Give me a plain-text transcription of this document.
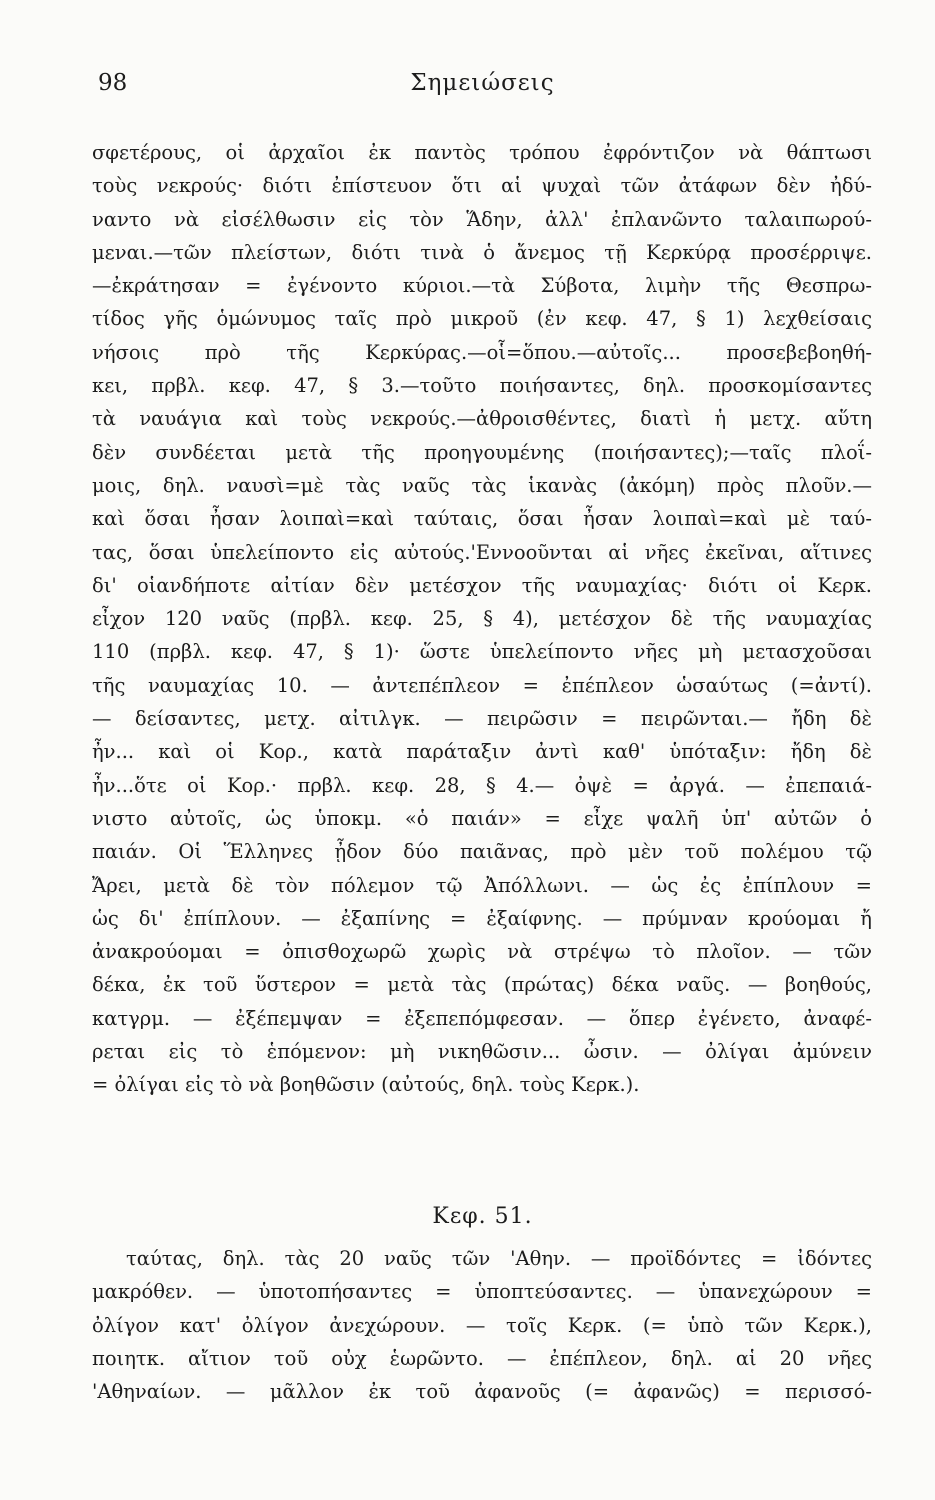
98	Σημειώσεις
σφετέρους, οἱ ἀρχαῖοι ἐκ παντὸς τρόπου ἐφρόντιζον νὰ θάπτωσι
τοὺς νεκρούς· διότι ἐπίστευον ὅτι αἱ ψυχαὶ τῶν ἀτάφων δὲν ἠδύ-
ναντο νὰ εἰσέλθωσιν εἰς τὸν Ἅδην, ἀλλ' ἐπλανῶντο ταλαιπωρού-
μεναι.—τῶν πλείστων, διότι τινὰ ὁ ἄνεμος τῇ Κερκύρᾳ προσέρριψε.
—ἐκράτησαν = ἐγένοντο κύριοι.—τὰ Σύβοτα, λιμὴν τῆς Θεσπρω-
τίδος γῆς ὁμώνυμος ταῖς πρὸ μικροῦ (ἐν κεφ. 47, § 1) λεχθείσαις
νήσοις πρὸ τῆς Κερκύρας.—οἷ=ὅπου.—αὐτοῖς... προσεβεβοηθή-
κει, πρβλ. κεφ. 47, § 3.—τοῦτο ποιήσαντες, δηλ. προσκομίσαντες
τὰ ναυάγια καὶ τοὺς νεκρούς.—ἀθροισθέντες, διατὶ ἡ μετχ. αὕτη
δὲν συνδέεται μετὰ τῆς προηγουμένης (ποιήσαντες);—ταῖς πλοΐ-
μοις, δηλ. ναυσὶ=μὲ τὰς ναῦς τὰς ἱκανὰς (ἀκόμη) πρὸς πλοῦν.—
καὶ ὅσαι ἦσαν λοιπαὶ=καὶ ταύταις, ὅσαι ἦσαν λοιπαὶ=καὶ μὲ ταύ-
τας, ὅσαι ὑπελείποντο εἰς αὐτούς.'Εννοοῦνται αἱ νῆες ἐκεῖναι, αἵτινες
δι' οἱανδήποτε αἰτίαν δὲν μετέσχον τῆς ναυμαχίας· διότι οἱ Κερκ.
εἶχον 120 ναῦς (πρβλ. κεφ. 25, § 4), μετέσχον δὲ τῆς ναυμαχίας
110 (πρβλ. κεφ. 47, § 1)· ὥστε ὑπελείποντο νῆες μὴ μετασχοῦσαι
τῆς ναυμαχίας 10. — ἀντεπέπλεον = ἐπέπλεον ὡσαύτως (=ἀντί).
— δείσαντες, μετχ. αἰτιλγκ. — πειρῶσιν = πειρῶνται.— ἤδη δὲ
ἦν... καὶ οἱ Κορ., κατὰ παράταξιν ἀντὶ καθ' ὑπόταξιν: ἤδη δὲ
ἦν...ὅτε οἱ Κορ.· πρβλ. κεφ. 28, § 4.— ὀψὲ = ἀργά. — ἐπεπαιά-
νιστο αὐτοῖς, ὡς ὑποκμ. «ὁ παιάν» = εἶχε ψαλῆ ὑπ' αὐτῶν ὁ
παιάν. Οἱ Ἕλληνες ᾖδον δύο παιᾶνας, πρὸ μὲν τοῦ πολέμου τῷ
Ἄρει, μετὰ δὲ τὸν πόλεμον τῷ Ἀπόλλωνι. — ὡς ἐς ἐπίπλουν =
ὡς δι' ἐπίπλουν. — ἐξαπίνης = ἐξαίφνης. — πρύμναν κρούομαι ἤ
ἀνακρούομαι = ὀπισθοχωρῶ χωρὶς νὰ στρέψω τὸ πλοῖον. — τῶν
δέκα, ἐκ τοῦ ὕστερον = μετὰ τὰς (πρώτας) δέκα ναῦς. — βοηθούς,
κατγρμ. — ἐξέπεμψαν = ἐξεπεπόμφεσαν. — ὅπερ ἐγένετο, ἀναφέ-
ρεται εἰς τὸ ἑπόμενον: μὴ νικηθῶσιν... ὦσιν. — ὀλίγαι ἀμύνειν
= ὀλίγαι εἰς τὸ νὰ βοηθῶσιν (αὐτούς, δηλ. τοὺς Κερκ.).
Κεφ. 51.
ταύτας, δηλ. τὰς 20 ναῦς τῶν 'Αθην. — προϊδόντες = ἰδόντες
μακρόθεν. — ὑποτοπήσαντες = ὑποπτεύσαντες. — ὑπανεχώρουν =
ὀλίγον κατ' ὀλίγον ἀνεχώρουν. — τοῖς Κερκ. (= ὑπὸ τῶν Κερκ.),
ποιητκ. αἴτιον τοῦ οὐχ ἑωρῶντο. — ἐπέπλεον, δηλ. αἱ 20 νῆες
'Αθηναίων. — μᾶλλον ἐκ τοῦ ἀφανοῦς (= ἀφανῶς) = περισσό-
